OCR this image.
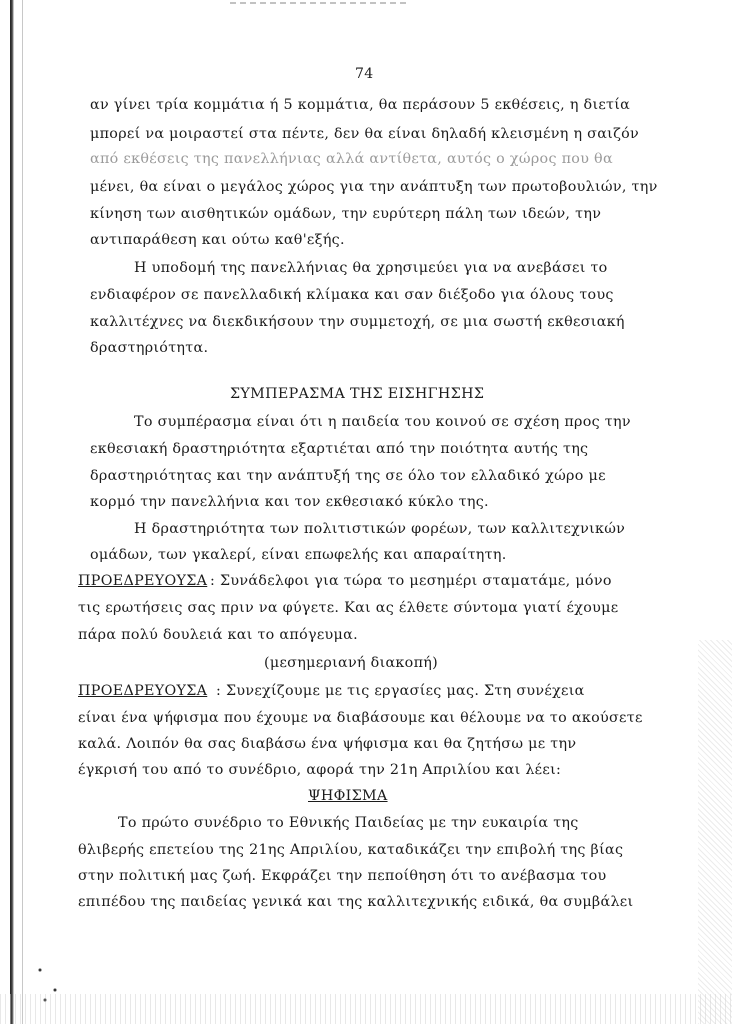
74
αν γίνει τρία κομμάτια ή 5 κομμάτια, θα περάσουν 5 εκθέσεις, η διετία
μπορεί να μοιραστεί στα πέντε, δεν θα είναι δηλαδή κλεισμένη η σαιζόν
από εκθέσεις της πανελλήνιας αλλά αντίθετα, αυτός ο χώρος που θα
μένει, θα είναι ο μεγάλος χώρος για την ανάπτυξη των πρωτοβουλιών, την
κίνηση των αισθητικών ομάδων, την ευρύτερη πάλη των ιδεών, την
αντιπαράθεση και ούτω καθ'εξής.
Η υποδομή της πανελλήνιας θα χρησιμεύει για να ανεβάσει το
ενδιαφέρον σε πανελλαδική κλίμακα και σαν διέξοδο για όλους τους
καλλιτέχνες να διεκδικήσουν την συμμετοχή, σε μια σωστή εκθεσιακή
δραστηριότητα.
ΣΥΜΠΕΡΑΣΜΑ ΤΗΣ ΕΙΣΗΓΗΣΗΣ
Το συμπέρασμα είναι ότι η παιδεία του κοινού σε σχέση προς την
εκθεσιακή δραστηριότητα εξαρτιέται από την ποιότητα αυτής της
δραστηριότητας και την ανάπτυξή της σε όλο τον ελλαδικό χώρο με
κορμό την πανελλήνια και τον εκθεσιακό κύκλο της.
Η δραστηριότητα των πολιτιστικών φορέων, των καλλιτεχνικών
ομάδων, των γκαλερί, είναι επωφελής και απαραίτητη.
ΠΡΟΕΔΡΕΥΟΥΣΑ : Συνάδελφοι για τώρα το μεσημέρι σταματάμε, μόνο
τις ερωτήσεις σας πριν να φύγετε. Και ας έλθετε σύντομα γιατί έχουμε
πάρα πολύ δουλειά και το απόγευμα.
(μεσημεριανή διακοπή)
ΠΡΟΕΔΡΕΥΟΥΣΑ : Συνεχίζουμε με τις εργασίες μας. Στη συνέχεια
είναι ένα ψήφισμα που έχουμε να διαβάσουμε και θέλουμε να το ακούσετε
καλά. Λοιπόν θα σας διαβάσω ένα ψήφισμα και θα ζητήσω με την
έγκρισή του από το συνέδριο, αφορά την 21η Απριλίου και λέει:
ΨΗΦΙΣΜΑ
Το πρώτο συνέδριο το Εθνικής Παιδείας με την ευκαιρία της
θλιβερής επετείου της 21ης Απριλίου, καταδικάζει την επιβολή της βίας
στην πολιτική μας ζωή. Εκφράζει την πεποίθηση ότι το ανέβασμα του
επιπέδου της παιδείας γενικά και της καλλιτεχνικής ειδικά, θα συμβάλει
